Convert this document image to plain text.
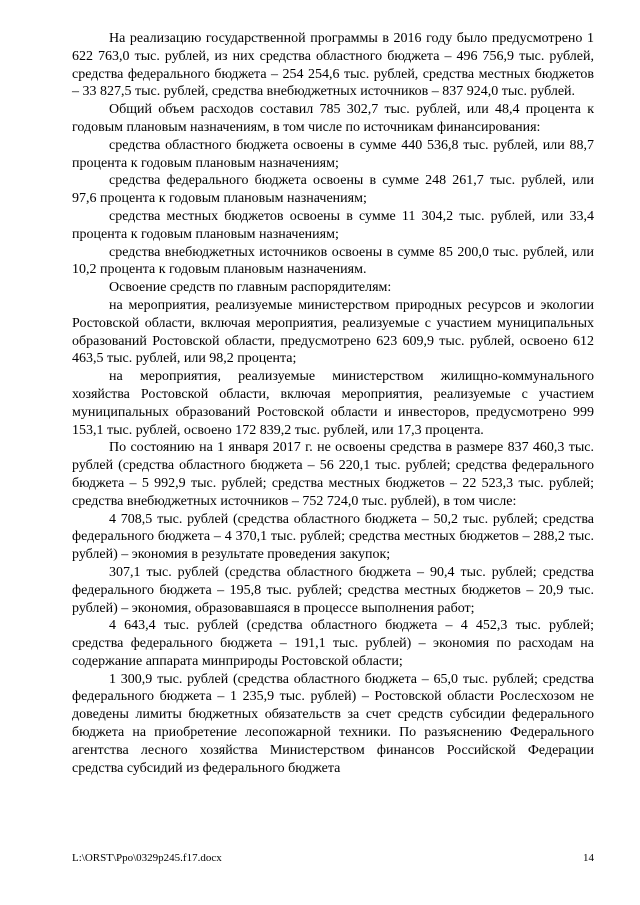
На реализацию государственной программы в 2016 году было предусмотрено 1 622 763,0 тыс. рублей, из них средства областного бюджета – 496 756,9 тыс. рублей, средства федерального бюджета – 254 254,6 тыс. рублей, средства местных бюджетов – 33 827,5 тыс. рублей, средства внебюджетных источников – 837 924,0 тыс. рублей.

Общий объем расходов составил 785 302,7 тыс. рублей, или 48,4 процента к годовым плановым назначениям, в том числе по источникам финансирования:

средства областного бюджета освоены в сумме 440 536,8 тыс. рублей, или 88,7 процента к годовым плановым назначениям;

средства федерального бюджета освоены в сумме 248 261,7 тыс. рублей, или 97,6 процента к годовым плановым назначениям;

средства местных бюджетов освоены в сумме 11 304,2 тыс. рублей, или 33,4 процента к годовым плановым назначениям;

средства внебюджетных источников освоены в сумме 85 200,0 тыс. рублей, или 10,2 процента к годовым плановым назначениям.

Освоение средств по главным распорядителям:

на мероприятия, реализуемые министерством природных ресурсов и экологии Ростовской области, включая мероприятия, реализуемые с участием муниципальных образований Ростовской области, предусмотрено 623 609,9 тыс. рублей, освоено 612 463,5 тыс. рублей, или 98,2 процента;

на мероприятия, реализуемые министерством жилищно-коммунального хозяйства Ростовской области, включая мероприятия, реализуемые с участием муниципальных образований Ростовской области и инвесторов, предусмотрено 999 153,1 тыс. рублей, освоено 172 839,2 тыс. рублей, или 17,3 процента.

По состоянию на 1 января 2017 г. не освоены средства в размере 837 460,3 тыс. рублей (средства областного бюджета – 56 220,1 тыс. рублей; средства федерального бюджета – 5 992,9 тыс. рублей; средства местных бюджетов – 22 523,3 тыс. рублей; средства внебюджетных источников – 752 724,0 тыс. рублей), в том числе:

4 708,5 тыс. рублей (средства областного бюджета – 50,2 тыс. рублей; средства федерального бюджета – 4 370,1 тыс. рублей; средства местных бюджетов – 288,2 тыс. рублей) – экономия в результате проведения закупок;

307,1 тыс. рублей (средства областного бюджета – 90,4 тыс. рублей; средства федерального бюджета – 195,8 тыс. рублей; средства местных бюджетов – 20,9 тыс. рублей) – экономия, образовавшаяся в процессе выполнения работ;

4 643,4 тыс. рублей (средства областного бюджета – 4 452,3 тыс. рублей; средства федерального бюджета – 191,1 тыс. рублей) – экономия по расходам на содержание аппарата минприроды Ростовской области;

1 300,9 тыс. рублей (средства областного бюджета – 65,0 тыс. рублей; средства федерального бюджета – 1 235,9 тыс. рублей) – Ростовской области Рослесхозом не доведены лимиты бюджетных обязательств за счет средств субсидии федерального бюджета на приобретение лесопожарной техники. По разъяснению Федерального агентства лесного хозяйства Министерством финансов Российской Федерации средства субсидий из федерального бюджета

L:\ORST\Ppo\0329p245.f17.docx	14
